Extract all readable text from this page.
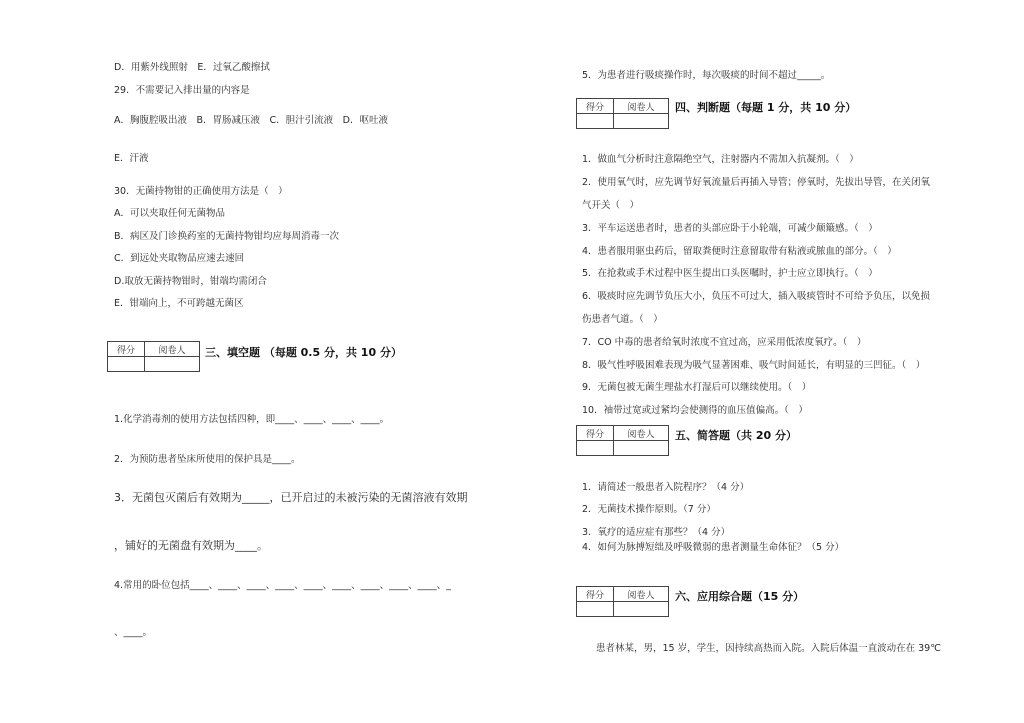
D．用紫外线照射　E．过氧乙酸擦拭
29．不需要记入排出量的内容是
A．胸腹腔吸出液　B．胃肠减压液　C．胆汁引流液　D．呕吐液
E．汗液
30．无菌持物钳的正确使用方法是（　）
A．可以夹取任何无菌物品
B．病区及门诊换药室的无菌持物钳均应每周消毒一次
C．到远处夹取物品应速去速回
D.取放无菌持物钳时，钳端均需闭合
E．钳端向上，不可跨越无菌区
得分	阅卷人
	三、填空题 （每题 0.5 分，共 10 分）
1.化学消毒剂的使用方法包括四种，即____、____、____、____。
2．为预防患者坠床所使用的保护具是____。
3．无菌包灭菌后有效期为_____，已开启过的未被污染的无菌溶液有效期
，铺好的无菌盘有效期为____。
4.常用的卧位包括____、____、____、____、____、____、____、____、____、_
、____。
5．为患者进行吸痰操作时，每次吸痰的时间不超过_____。
得分	阅卷人
	四、判断题（每题 1 分，共 10 分）
1．做血气分析时注意隔绝空气，注射器内不需加入抗凝剂。（　）
2．使用氧气时，应先调节好氧流量后再插入导管；停氧时，先拔出导管，在关闭氧
气开关（　）
3．平车运送患者时，患者的头部应卧于小轮端，可减少颠簸感。（　）
4．患者服用驱虫药后，留取粪便时注意留取带有粘液或脓血的部分。（　）
5．在抢救或手术过程中医生提出口头医嘱时，护士应立即执行。（　）
6．吸痰时应先调节负压大小，负压不可过大，插入吸痰管时不可给予负压，以免损
伤患者气道。（　）
7．CO 中毒的患者给氧时浓度不宜过高，应采用低浓度氧疗。（　）
8．吸气性呼吸困难表现为吸气显著困难、吸气时间延长，有明显的三凹征。（　）
9．无菌包被无菌生理盐水打湿后可以继续使用。（　）
10．袖带过宽或过紧均会使测得的血压值偏高。（　）
得分	阅卷人
	五、简答题（共 20 分）
1．请简述一般患者入院程序？（4 分）
2．无菌技术操作原则。（7 分）
3．氧疗的适应症有那些？（4 分）
4．如何为脉搏短绌及呼吸微弱的患者测量生命体征？（5 分）
得分	阅卷人
	六、应用综合题（15 分）
患者林某，男，15 岁，学生，因持续高热而入院。入院后体温一直波动在在 39℃
